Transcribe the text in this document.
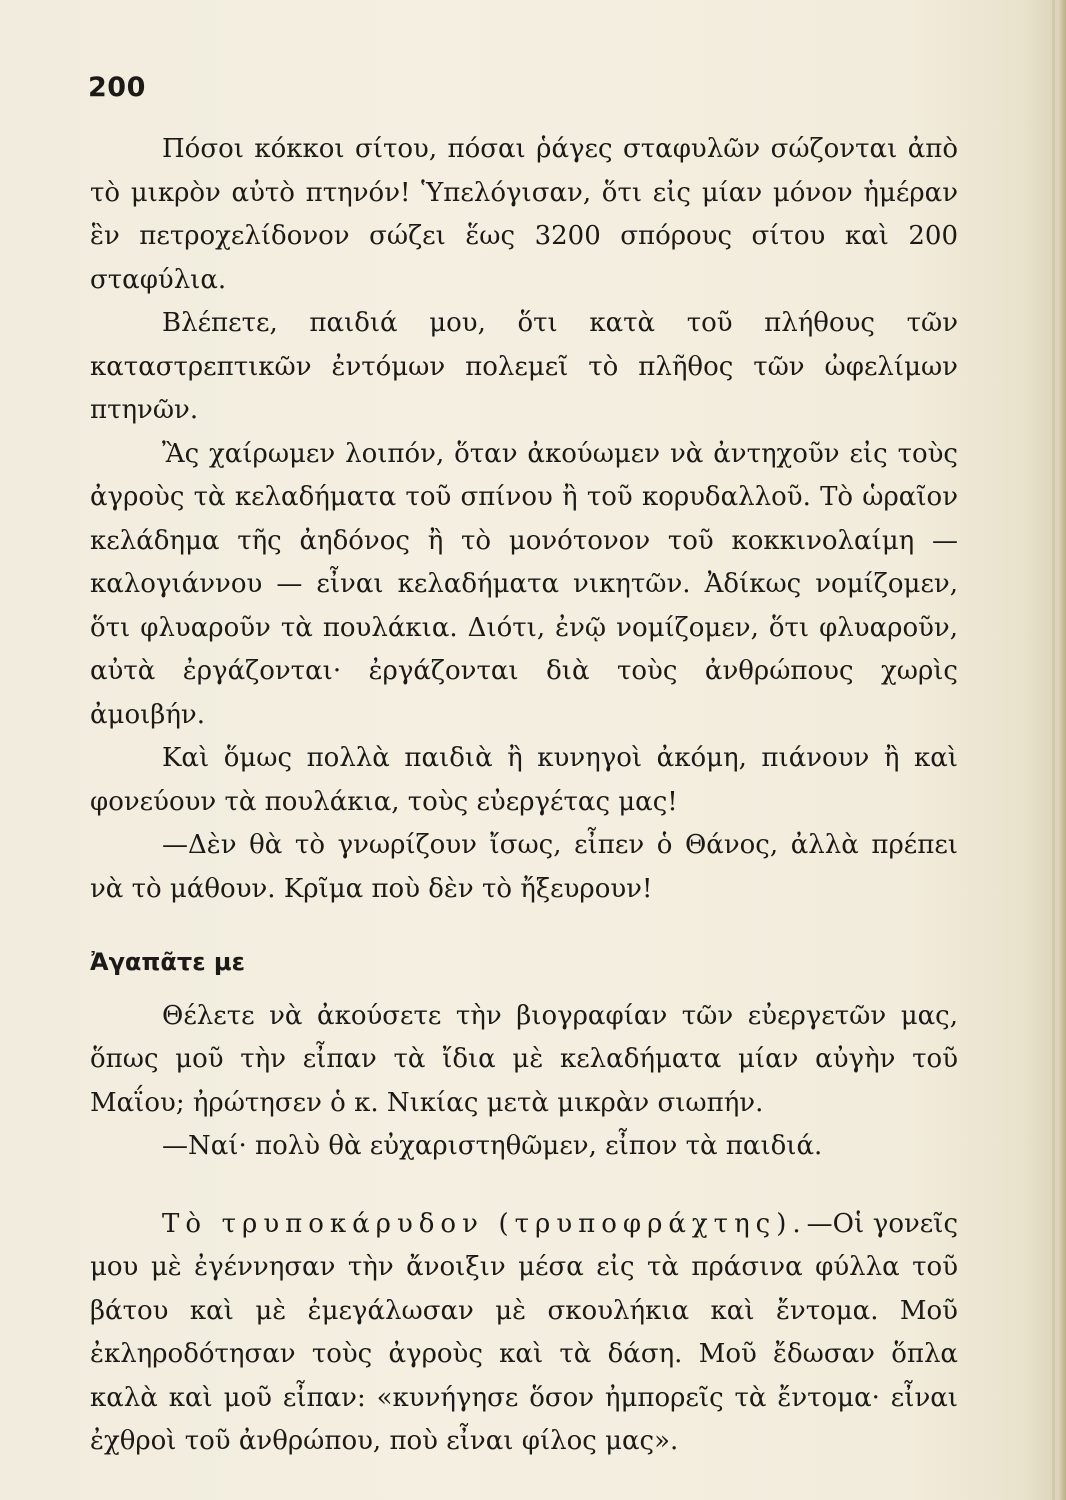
200

Πόσοι κόκκοι σίτου, πόσαι ῥάγες σταφυλῶν σώζονται ἀπὸ τὸ μικρὸν αὐτὸ πτηνόν! Ὑπελόγισαν, ὅτι εἰς μίαν μόνον ἡμέραν ἓν πετροχελίδονον σώζει ἕως 3200 σπόρους σίτου καὶ 200 σταφύλια.

Βλέπετε, παιδιά μου, ὅτι κατὰ τοῦ πλήθους τῶν καταστρεπτικῶν ἐντόμων πολεμεῖ τὸ πλῆθος τῶν ὠφελίμων πτηνῶν.

Ἂς χαίρωμεν λοιπόν, ὅταν ἀκούωμεν νὰ ἀντηχοῦν εἰς τοὺς ἀγροὺς τὰ κελαδήματα τοῦ σπίνου ἢ τοῦ κορυδαλλοῦ. Τὸ ὡραῖον κελάδημα τῆς ἀηδόνος ἢ τὸ μονότονον τοῦ κοκκινολαίμη — καλογιάννου — εἶναι κελαδήματα νικητῶν. Ἀδίκως νομίζομεν, ὅτι φλυαροῦν τὰ πουλάκια. Διότι, ἐνῷ νομίζομεν, ὅτι φλυαροῦν, αὐτὰ ἐργάζονται· ἐργάζονται διὰ τοὺς ἀνθρώπους χωρὶς ἀμοιβήν.

Καὶ ὅμως πολλὰ παιδιὰ ἢ κυνηγοὶ ἀκόμη, πιάνουν ἢ καὶ φονεύουν τὰ πουλάκια, τοὺς εὐεργέτας μας!

—Δὲν θὰ τὸ γνωρίζουν ἴσως, εἶπεν ὁ Θάνος, ἀλλὰ πρέπει νὰ τὸ μάθουν. Κρῖμα ποὺ δὲν τὸ ἤξευρουν!

Ἀγαπᾶτε με

Θέλετε νὰ ἀκούσετε τὴν βιογραφίαν τῶν εὐεργετῶν μας, ὅπως μοῦ τὴν εἶπαν τὰ ἴδια μὲ κελαδήματα μίαν αὐγὴν τοῦ Μαΐου; ἠρώτησεν ὁ κ. Νικίας μετὰ μικρὰν σιωπήν.

—Ναί· πολὺ θὰ εὐχαριστηθῶμεν, εἶπον τὰ παιδιά.

Τὸ τρυποκάρυδον (τρυποφράχτης).—Οἱ γονεῖς μου μὲ ἐγέννησαν τὴν ἄνοιξιν μέσα εἰς τὰ πράσινα φύλλα τοῦ βάτου καὶ μὲ ἐμεγάλωσαν μὲ σκουλήκια καὶ ἔντομα. Μοῦ ἐκληροδότησαν τοὺς ἀγροὺς καὶ τὰ δάση. Μοῦ ἔδωσαν ὅπλα καλὰ καὶ μοῦ εἶπαν: «κυνήγησε ὅσον ἠμπορεῖς τὰ ἔντομα· εἶναι ἐχθροὶ τοῦ ἀνθρώπου, ποὺ εἶναι φίλος μας».
